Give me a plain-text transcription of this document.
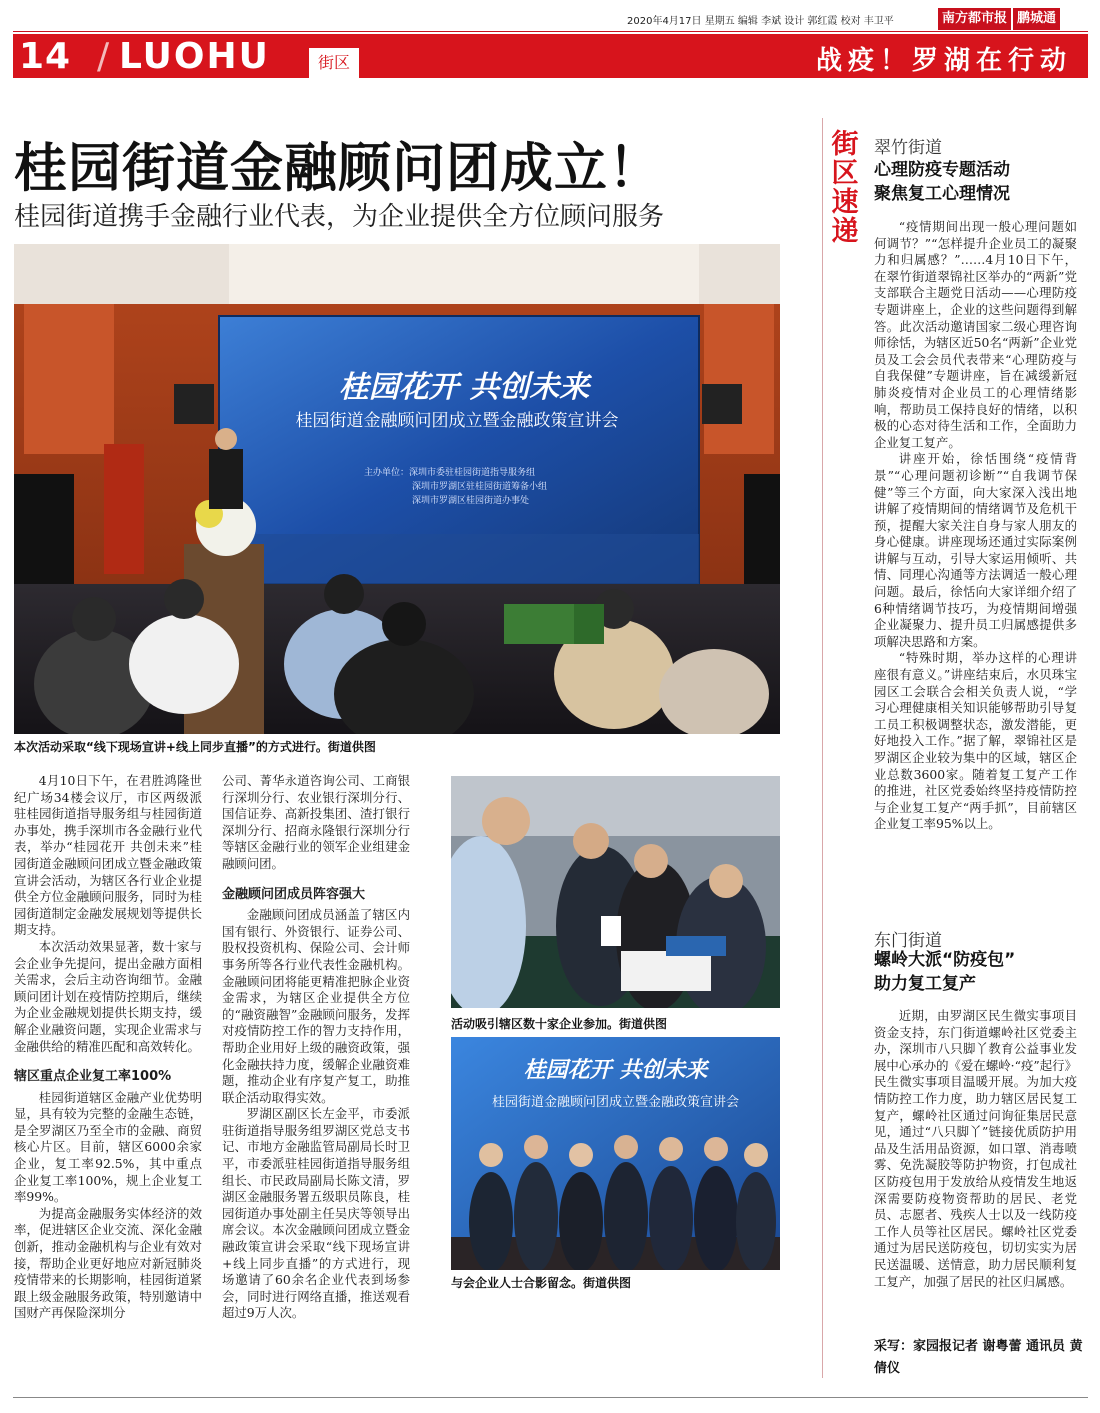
2020年4月17日 星期五 编辑 李斌 设计 郭红霞 校对 丰卫平	南方都市报 鹏城通
14 / LUOHU	街区	战疫！罗湖在行动
桂园街道金融顾问团成立！
桂园街道携手金融行业代表，为企业提供全方位顾问服务
桂园花开 共创未来
桂园街道金融顾问团成立暨金融政策宣讲会
主办单位：深圳市委驻桂园街道指导服务组
深圳市罗湖区驻桂园街道筹备小组
深圳市罗湖区桂园街道办事处
本次活动采取“线下现场宣讲+线上同步直播”的方式进行。街道供图
活动吸引辖区数十家企业参加。街道供图
桂园花开 共创未来
桂园街道金融顾问团成立暨金融政策宣讲会
与会企业人士合影留念。街道供图

4月10日下午，在君胜鸿隆世纪广场34楼会议厅，市区两级派驻桂园街道指导服务组与桂园街道办事处，携手深圳市各金融行业代表，举办“桂园花开 共创未来”桂园街道金融顾问团成立暨金融政策宣讲会活动，为辖区各行业企业提供全方位金融顾问服务，同时为桂园街道制定金融发展规划等提供长期支持。

本次活动效果显著，数十家与会企业争先提问，提出金融方面相关需求，会后主动咨询细节。金融顾问团计划在疫情防控期后，继续为企业金融规划提供长期支持，缓解企业融资问题，实现企业需求与金融供给的精准匹配和高效转化。

辖区重点企业复工率100%

桂园街道辖区金融产业优势明显，具有较为完整的金融生态链，是全罗湖区乃至全市的金融、商贸核心片区。目前，辖区6000余家企业，复工率92.5%，其中重点企业复工率100%，规上企业复工率99%。

为提高金融服务实体经济的效率，促进辖区企业交流、深化金融创新，推动金融机构与企业有效对接，帮助企业更好地应对新冠肺炎疫情带来的长期影响，桂园街道紧跟上级金融服务政策，特别邀请中国财产再保险深圳分

公司、菁华永道咨询公司、工商银行深圳分行、农业银行深圳分行、国信证券、高新投集团、渣打银行深圳分行、招商永隆银行深圳分行等辖区金融行业的领军企业组建金融顾问团。

金融顾问团成员阵容强大

金融顾问团成员涵盖了辖区内国有银行、外资银行、证券公司、股权投资机构、保险公司、会计师事务所等各行业代表性金融机构。金融顾问团将能更精准把脉企业资金需求，为辖区企业提供全方位的“融资融智”金融顾问服务，发挥对疫情防控工作的智力支持作用，帮助企业用好上级的融资政策，强化金融扶持力度，缓解企业融资难题，推动企业有序复产复工，助推联企活动取得实效。

罗湖区副区长左金平，市委派驻街道指导服务组罗湖区党总支书记、市地方金融监管局副局长时卫平，市委派驻桂园街道指导服务组组长、市民政局副局长陈文清，罗湖区金融服务署五级职员陈良，桂园街道办事处副主任吴庆等领导出席会议。本次金融顾问团成立暨金融政策宣讲会采取“线下现场宣讲+线上同步直播”的方式进行，现场邀请了60余名企业代表到场参会，同时进行网络直播，推送观看超过9万人次。

街区速递
翠竹街道
心理防疫专题活动
聚焦复工心理情况

“疫情期间出现一般心理问题如何调节？”“怎样提升企业员工的凝聚力和归属感？”……4月10日下午，在翠竹街道翠锦社区举办的“两新”党支部联合主题党日活动——心理防疫专题讲座上，企业的这些问题得到解答。此次活动邀请国家二级心理咨询师徐恬，为辖区近50名“两新”企业党员及工会会员代表带来“心理防疫与自我保健”专题讲座，旨在减缓新冠肺炎疫情对企业员工的心理情绪影响，帮助员工保持良好的情绪，以积极的心态对待生活和工作，全面助力企业复工复产。

讲座开始，徐恬围绕“疫情背景”“心理问题初诊断”“自我调节保健”等三个方面，向大家深入浅出地讲解了疫情期间的情绪调节及危机干预，提醒大家关注自身与家人朋友的身心健康。讲座现场还通过实际案例讲解与互动，引导大家运用倾听、共情、同理心沟通等方法调适一般心理问题。最后，徐恬向大家详细介绍了6种情绪调节技巧，为疫情期间增强企业凝聚力、提升员工归属感提供多项解决思路和方案。

“特殊时期，举办这样的心理讲座很有意义。”讲座结束后，水贝珠宝园区工会联合会相关负责人说，“学习心理健康相关知识能够帮助引导复工员工积极调整状态，激发潜能，更好地投入工作。”据了解，翠锦社区是罗湖区企业较为集中的区域，辖区企业总数3600家。随着复工复产工作的推进，社区党委始终坚持疫情防控与企业复工复产“两手抓”，目前辖区企业复工率95%以上。

东门街道
螺岭大派“防疫包”
助力复工复产

近期，由罗湖区民生微实事项目资金支持，东门街道螺岭社区党委主办，深圳市八只脚丫教育公益事业发展中心承办的《爱在螺岭·“疫”起行》民生微实事项目温暖开展。为加大疫情防控工作力度，助力辖区居民复工复产，螺岭社区通过问询征集居民意见，通过“八只脚丫”链接优质防护用品及生活用品资源，如口罩、消毒喷雾、免洗凝胶等防护物资，打包成社区防疫包用于发放给从疫情发生地返深需要防疫物资帮助的居民、老党员、志愿者、残疾人士以及一线防疫工作人员等社区居民。螺岭社区党委通过为居民送防疫包，切切实实为居民送温暖、送情意，助力居民顺利复工复产，加强了居民的社区归属感。

采写：家园报记者 谢粤蕾 通讯员 黄倩仪
